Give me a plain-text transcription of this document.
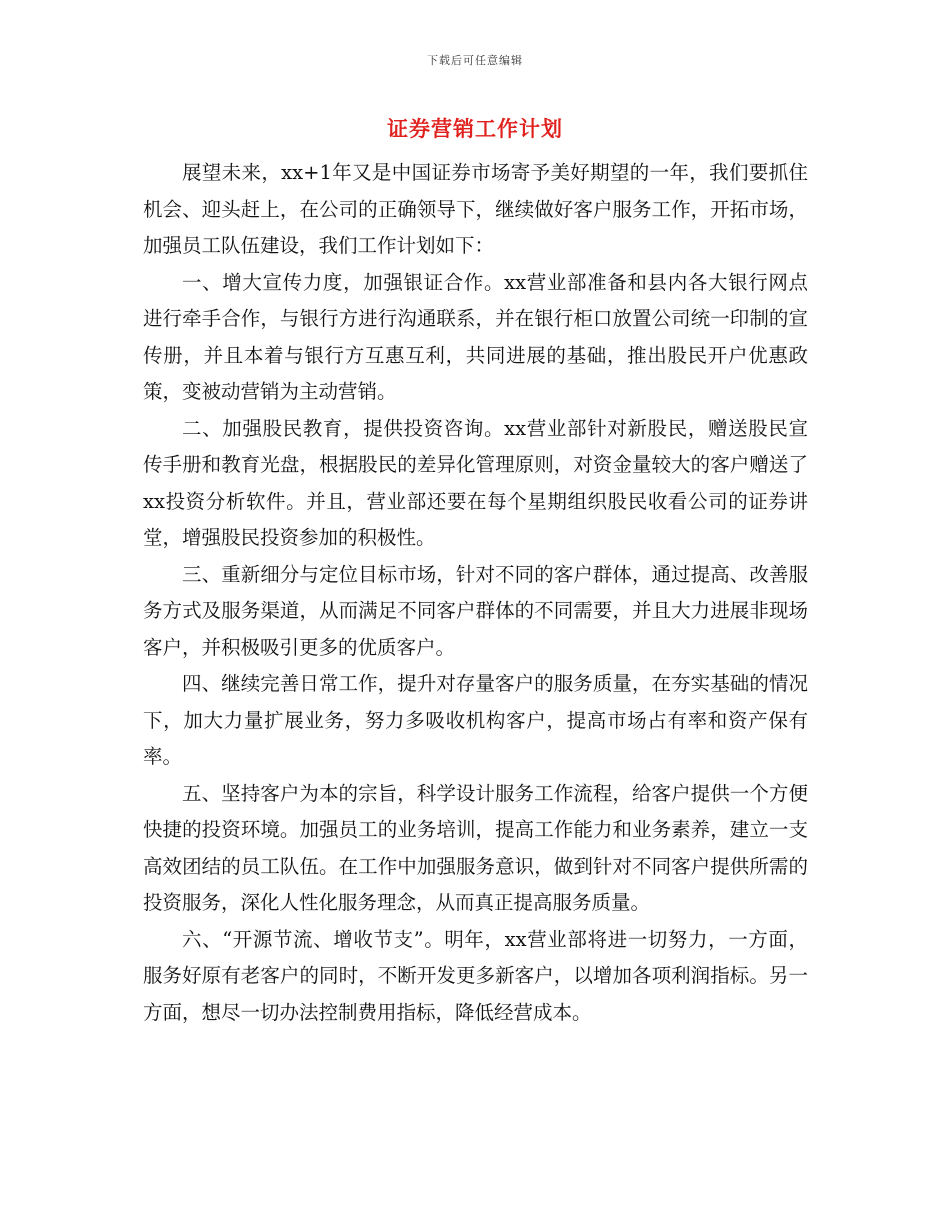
下载后可任意编辑
证券营销工作计划

展望未来，xx+1年又是中国证券市场寄予美好期望的一年，我们要抓住机会、迎头赶上，在公司的正确领导下，继续做好客户服务工作，开拓市场，加强员工队伍建设，我们工作计划如下：

一、增大宣传力度，加强银证合作。xx营业部准备和县内各大银行网点进行牵手合作，与银行方进行沟通联系，并在银行柜口放置公司统一印制的宣传册，并且本着与银行方互惠互利，共同进展的基础，推出股民开户优惠政策，变被动营销为主动营销。

二、加强股民教育，提供投资咨询。xx营业部针对新股民，赠送股民宣传手册和教育光盘，根据股民的差异化管理原则，对资金量较大的客户赠送了xx投资分析软件。并且，营业部还要在每个星期组织股民收看公司的证券讲堂，增强股民投资参加的积极性。

三、重新细分与定位目标市场，针对不同的客户群体，通过提高、改善服务方式及服务渠道，从而满足不同客户群体的不同需要，并且大力进展非现场客户，并积极吸引更多的优质客户。

四、继续完善日常工作，提升对存量客户的服务质量，在夯实基础的情况下，加大力量扩展业务，努力多吸收机构客户，提高市场占有率和资产保有率。

五、坚持客户为本的宗旨，科学设计服务工作流程，给客户提供一个方便快捷的投资环境。加强员工的业务培训，提高工作能力和业务素养，建立一支高效团结的员工队伍。在工作中加强服务意识，做到针对不同客户提供所需的投资服务，深化人性化服务理念，从而真正提高服务质量。

六、“开源节流、增收节支”。明年，xx营业部将进一切努力，一方面，服务好原有老客户的同时，不断开发更多新客户，以增加各项利润指标。另一方面，想尽一切办法控制费用指标，降低经营成本。
